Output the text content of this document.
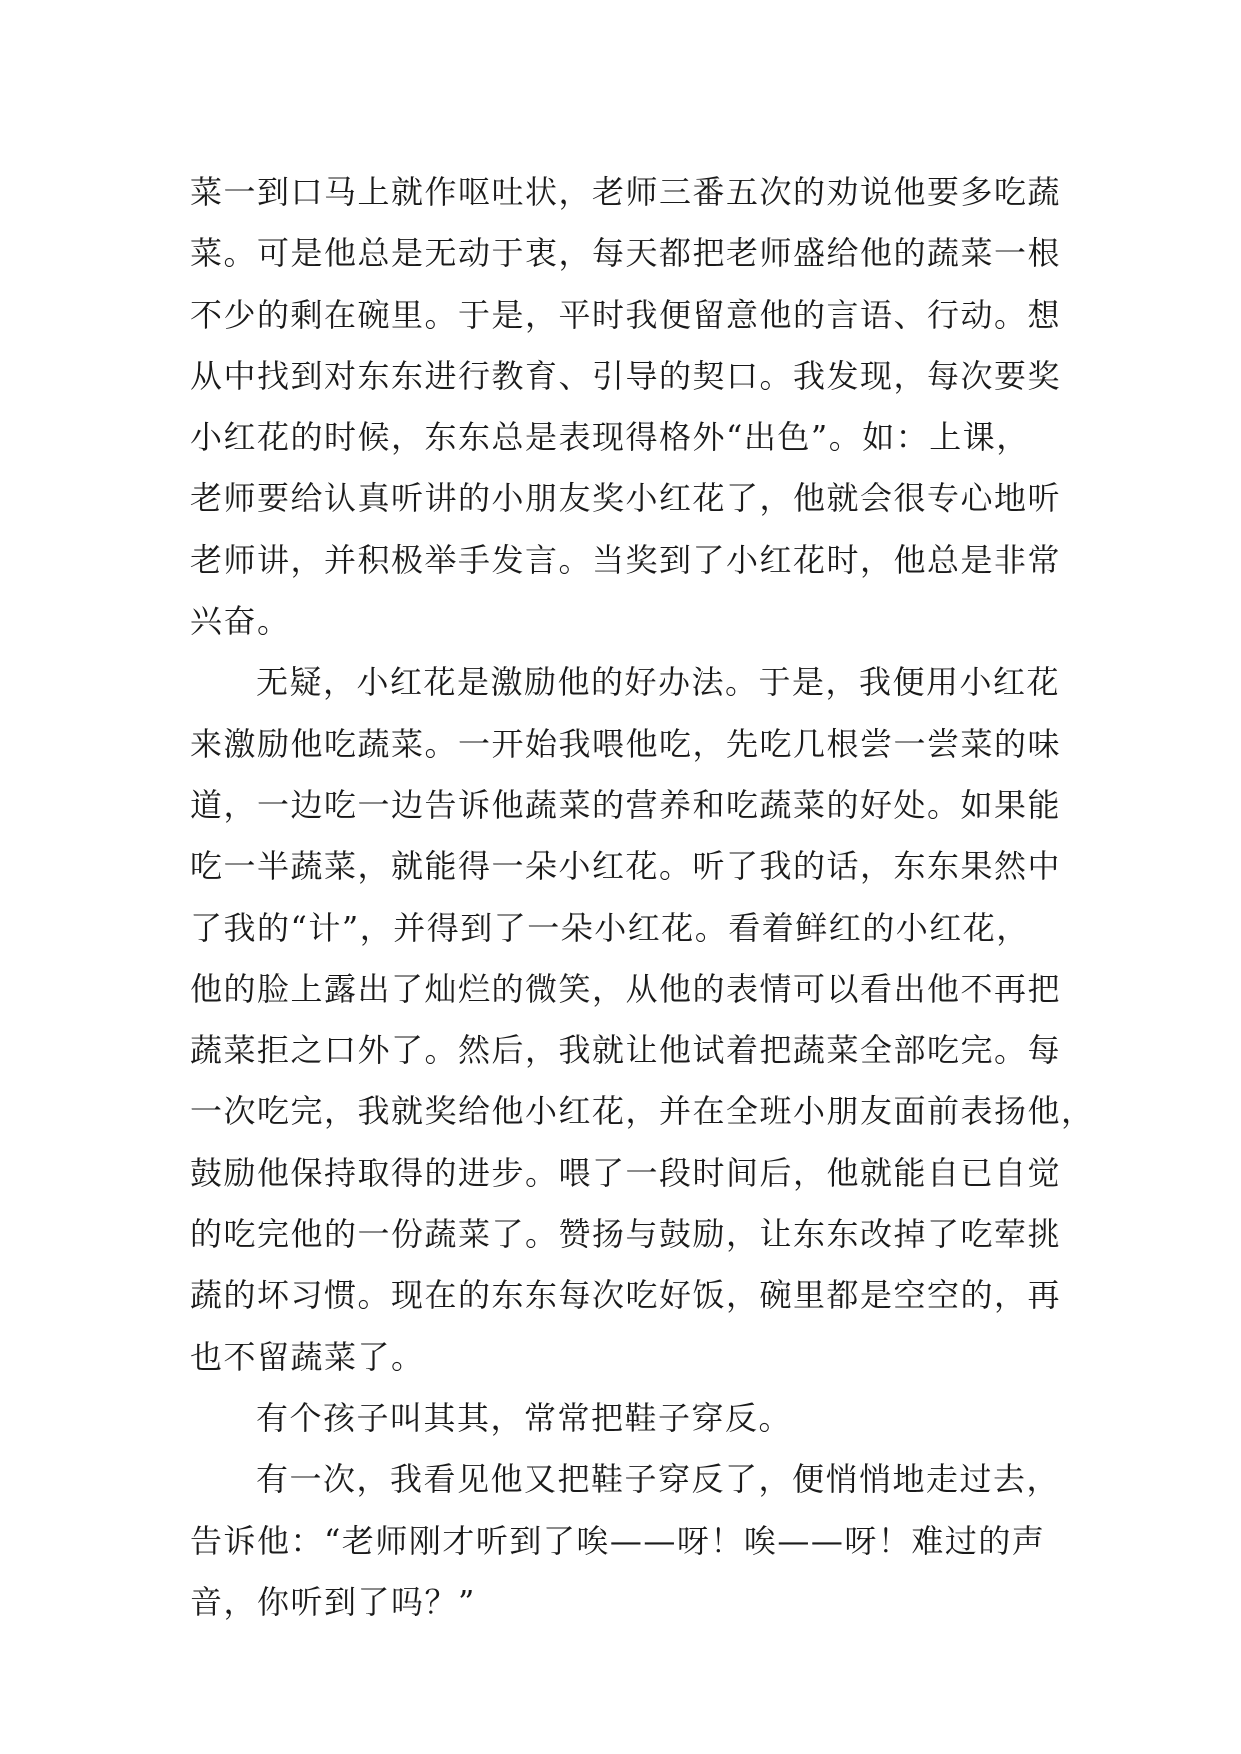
菜一到口马上就作呕吐状，老师三番五次的劝说他要多吃蔬
菜。可是他总是无动于衷，每天都把老师盛给他的蔬菜一根
不少的剩在碗里。于是，平时我便留意他的言语、行动。想
从中找到对东东进行教育、引导的契口。我发现，每次要奖
小红花的时候，东东总是表现得格外“出色”。如：上课，
老师要给认真听讲的小朋友奖小红花了，他就会很专心地听
老师讲，并积极举手发言。当奖到了小红花时，他总是非常
兴奋。
无疑，小红花是激励他的好办法。于是，我便用小红花
来激励他吃蔬菜。一开始我喂他吃，先吃几根尝一尝菜的味
道，一边吃一边告诉他蔬菜的营养和吃蔬菜的好处。如果能
吃一半蔬菜，就能得一朵小红花。听了我的话，东东果然中
了我的“计”，并得到了一朵小红花。看着鲜红的小红花，
他的脸上露出了灿烂的微笑，从他的表情可以看出他不再把
蔬菜拒之口外了。然后，我就让他试着把蔬菜全部吃完。每
一次吃完，我就奖给他小红花，并在全班小朋友面前表扬他，
鼓励他保持取得的进步。喂了一段时间后，他就能自已自觉
的吃完他的一份蔬菜了。赞扬与鼓励，让东东改掉了吃荤挑
蔬的坏习惯。现在的东东每次吃好饭，碗里都是空空的，再
也不留蔬菜了。
有个孩子叫其其，常常把鞋子穿反。
有一次，我看见他又把鞋子穿反了，便悄悄地走过去，
告诉他：“老师刚才听到了唉——呀！唉——呀！难过的声
音，你听到了吗？”
